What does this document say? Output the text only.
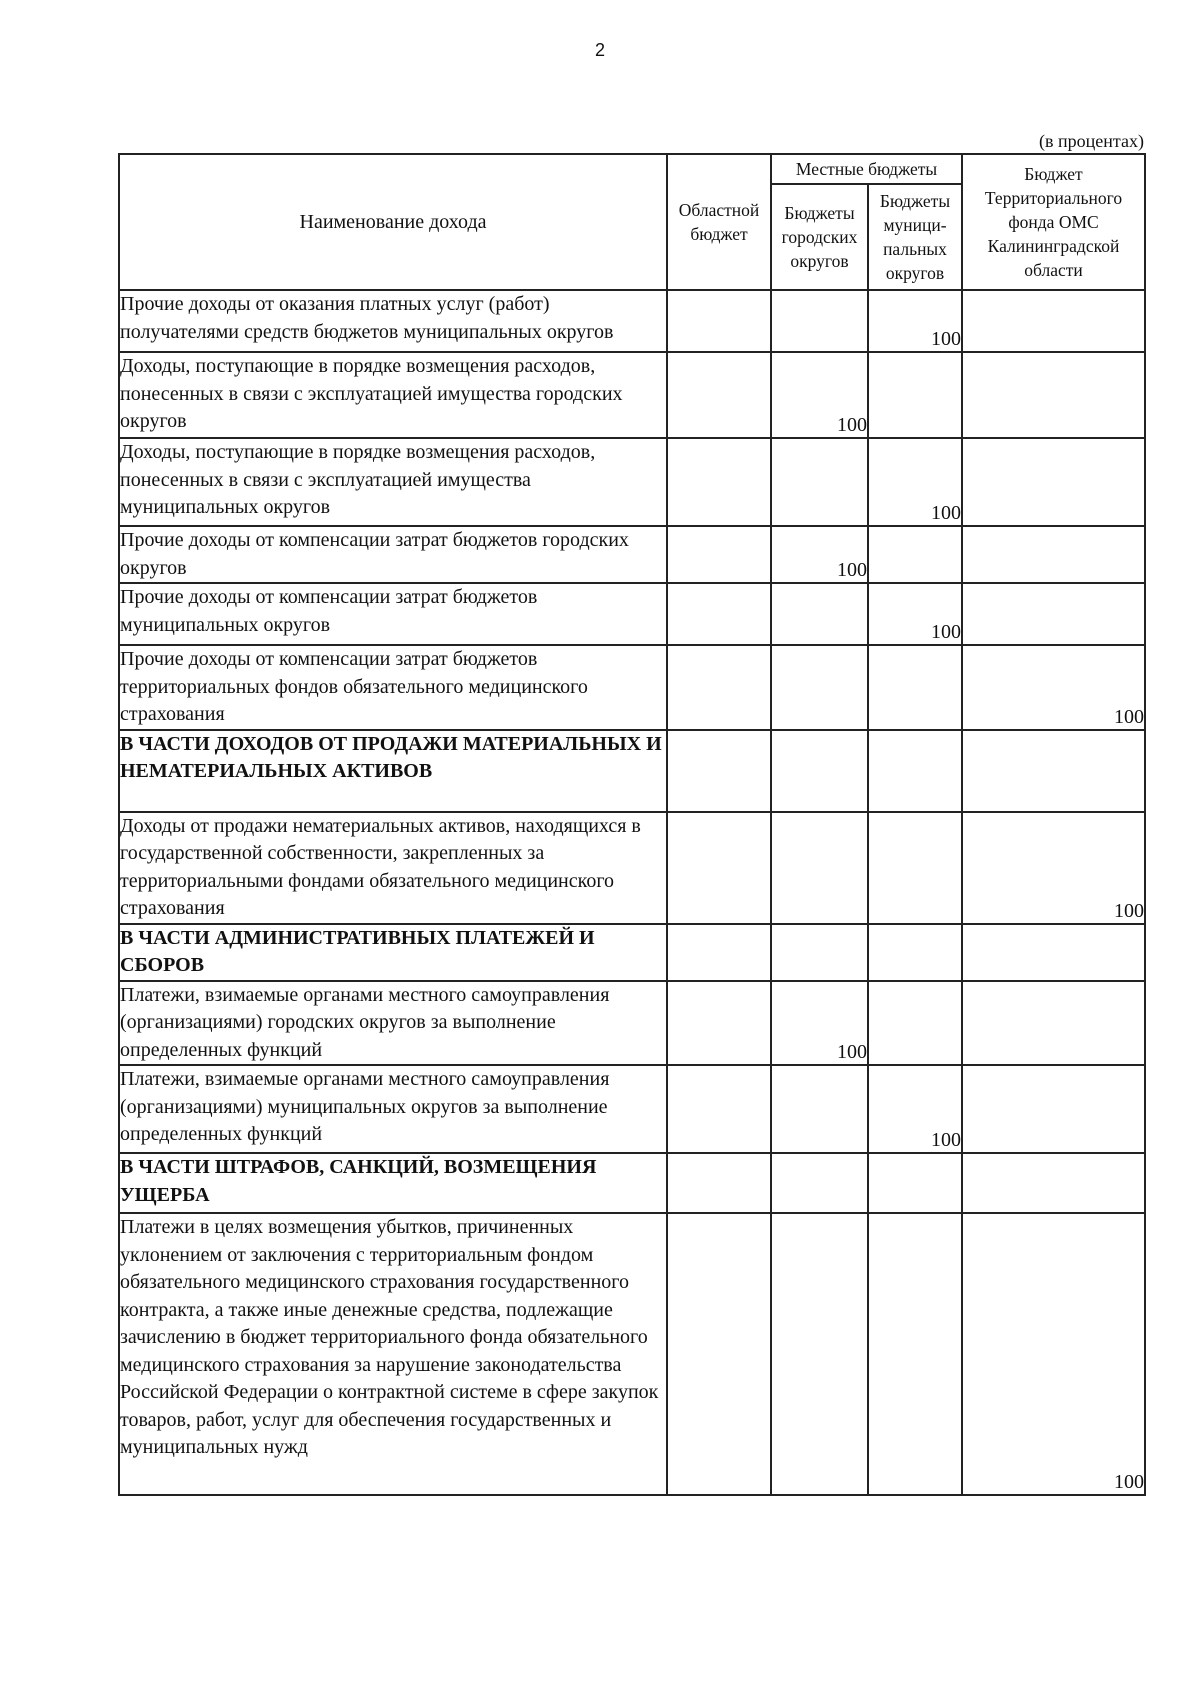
2
(в процентах)
Наименование дохода	Областной бюджет	Местные бюджеты		Бюджет Территориального фонда ОМС Калининградской области
		Бюджеты городских округов	Бюджеты муници-пальных округов	
Прочие доходы от оказания платных услуг (работ) получателями средств бюджетов муниципальных округов			100	
Доходы, поступающие в порядке возмещения расходов, понесенных в связи с эксплуатацией имущества городских округов		100		
Доходы, поступающие в порядке возмещения расходов, понесенных в связи с эксплуатацией имущества муниципальных округов			100	
Прочие доходы от компенсации затрат бюджетов городских округов		100		
Прочие доходы от компенсации затрат бюджетов муниципальных округов			100	
Прочие доходы от компенсации затрат бюджетов территориальных фондов обязательного медицинского страхования				100
В ЧАСТИ ДОХОДОВ ОТ ПРОДАЖИ МАТЕРИАЛЬНЫХ И НЕМАТЕРИАЛЬНЫХ АКТИВОВ				
Доходы от продажи нематериальных активов, находящихся в государственной собственности, закрепленных за территориальными фондами обязательного медицинского страхования				100
В ЧАСТИ АДМИНИСТРАТИВНЫХ ПЛАТЕЖЕЙ И СБОРОВ				
Платежи, взимаемые органами местного самоуправления (организациями) городских округов за выполнение определенных функций		100		
Платежи, взимаемые органами местного самоуправления (организациями) муниципальных округов за выполнение определенных функций			100	
В ЧАСТИ ШТРАФОВ, САНКЦИЙ, ВОЗМЕЩЕНИЯ УЩЕРБА				
Платежи в целях возмещения убытков, причиненных уклонением от заключения с территориальным фондом обязательного медицинского страхования государственного контракта, а также иные денежные средства, подлежащие зачислению в бюджет территориального фонда обязательного медицинского страхования за нарушение законодательства Российской Федерации о контрактной системе в сфере закупок товаров, работ, услуг для обеспечения государственных и муниципальных нужд				100
